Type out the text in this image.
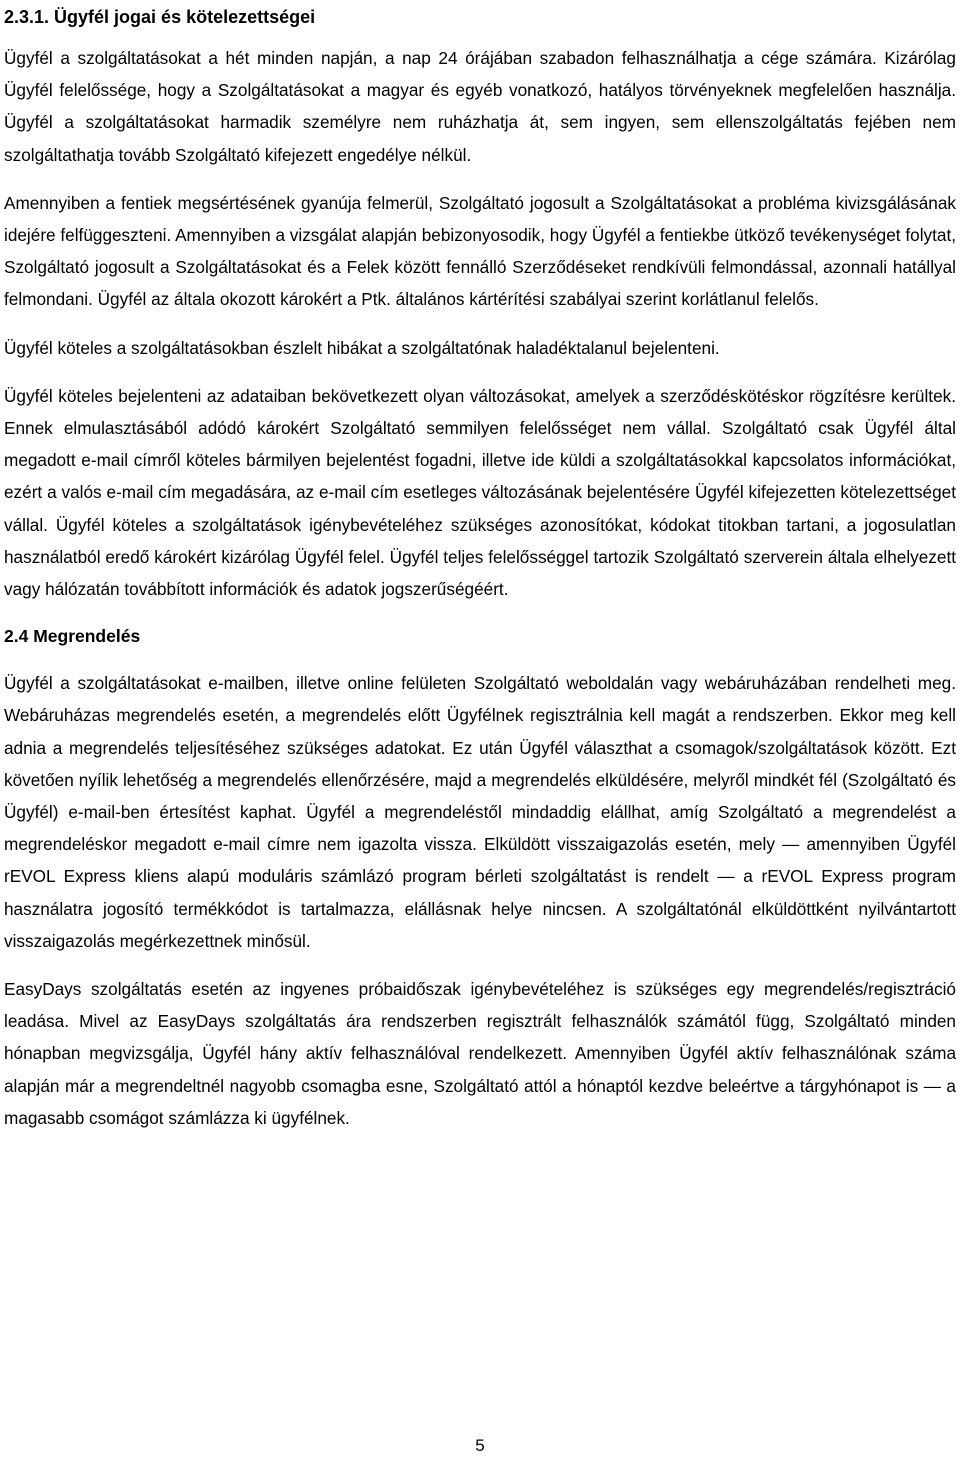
2.3.1. Ügyfél jogai és kötelezettségei

Ügyfél a szolgáltatásokat a hét minden napján, a nap 24 órájában szabadon felhasználhatja a cége számára. Kizárólag Ügyfél felelőssége, hogy a Szolgáltatásokat a magyar és egyéb vonatkozó, hatályos törvényeknek megfelelően használja. Ügyfél a szolgáltatásokat harmadik személyre nem ruházhatja át, sem ingyen, sem ellenszolgáltatás fejében nem szolgáltathatja tovább Szolgáltató kifejezett engedélye nélkül.

Amennyiben a fentiek megsértésének gyanúja felmerül, Szolgáltató jogosult a Szolgáltatásokat a probléma kivizsgálásának idejére felfüggeszteni. Amennyiben a vizsgálat alapján bebizonyosodik, hogy Ügyfél a fentiekbe ütköző tevékenységet folytat, Szolgáltató jogosult a Szolgáltatásokat és a Felek között fennálló Szerződéseket rendkívüli felmondással, azonnali hatállyal felmondani. Ügyfél az általa okozott károkért a Ptk. általános kártérítési szabályai szerint korlátlanul felelős.

Ügyfél köteles a szolgáltatásokban észlelt hibákat a szolgáltatónak haladéktalanul bejelenteni.

Ügyfél köteles bejelenteni az adataiban bekövetkezett olyan változásokat, amelyek a szerződéskötéskor rögzítésre kerültek. Ennek elmulasztásából adódó károkért Szolgáltató semmilyen felelősséget nem vállal. Szolgáltató csak Ügyfél által megadott e-mail címről köteles bármilyen bejelentést fogadni, illetve ide küldi a szolgáltatásokkal kapcsolatos információkat, ezért a valós e-mail cím megadására, az e-mail cím esetleges változásának bejelentésére Ügyfél kifejezetten kötelezettséget vállal. Ügyfél köteles a szolgáltatások igénybevételéhez szükséges azonosítókat, kódokat titokban tartani, a jogosulatlan használatból eredő károkért kizárólag Ügyfél felel. Ügyfél teljes felelősséggel tartozik Szolgáltató szerverein általa elhelyezett vagy hálózatán továbbított információk és adatok jogszerűségéért.

2.4 Megrendelés

Ügyfél a szolgáltatásokat e-mailben, illetve online felületen Szolgáltató weboldalán vagy webáruházában rendelheti meg. Webáruházas megrendelés esetén, a megrendelés előtt Ügyfélnek regisztrálnia kell magát a rendszerben. Ekkor meg kell adnia a megrendelés teljesítéséhez szükséges adatokat. Ez után Ügyfél választhat a csomagok/szolgáltatások között. Ezt követően nyílik lehetőség a megrendelés ellenőrzésére, majd a megrendelés elküldésére, melyről mindkét fél (Szolgáltató és Ügyfél) e-mail-ben értesítést kaphat. Ügyfél a megrendeléstől mindaddig elállhat, amíg Szolgáltató a megrendelést a megrendeléskor megadott e-mail címre nem igazolta vissza. Elküldött visszaigazolás esetén, mely — amennyiben Ügyfél rEVOL Express kliens alapú moduláris számlázó program bérleti szolgáltatást is rendelt — a rEVOL Express program használatra jogosító termékkódot is tartalmazza, elállásnak helye nincsen. A szolgáltatónál elküldöttként nyilvántartott visszaigazolás megérkezettnek minősül.

EasyDays szolgáltatás esetén az ingyenes próbaidőszak igénybevételéhez is szükséges egy megrendelés/regisztráció leadása. Mivel az EasyDays szolgáltatás ára rendszerben regisztrált felhasználók számától függ, Szolgáltató minden hónapban megvizsgálja, Ügyfél hány aktív felhasználóval rendelkezett. Amennyiben Ügyfél aktív felhasználónak száma alapján már a megrendeltnél nagyobb csomagba esne, Szolgáltató attól a hónaptól kezdve beleértve a tárgyhónapot is — a magasabb csomágot számlázza ki ügyfélnek.

5
